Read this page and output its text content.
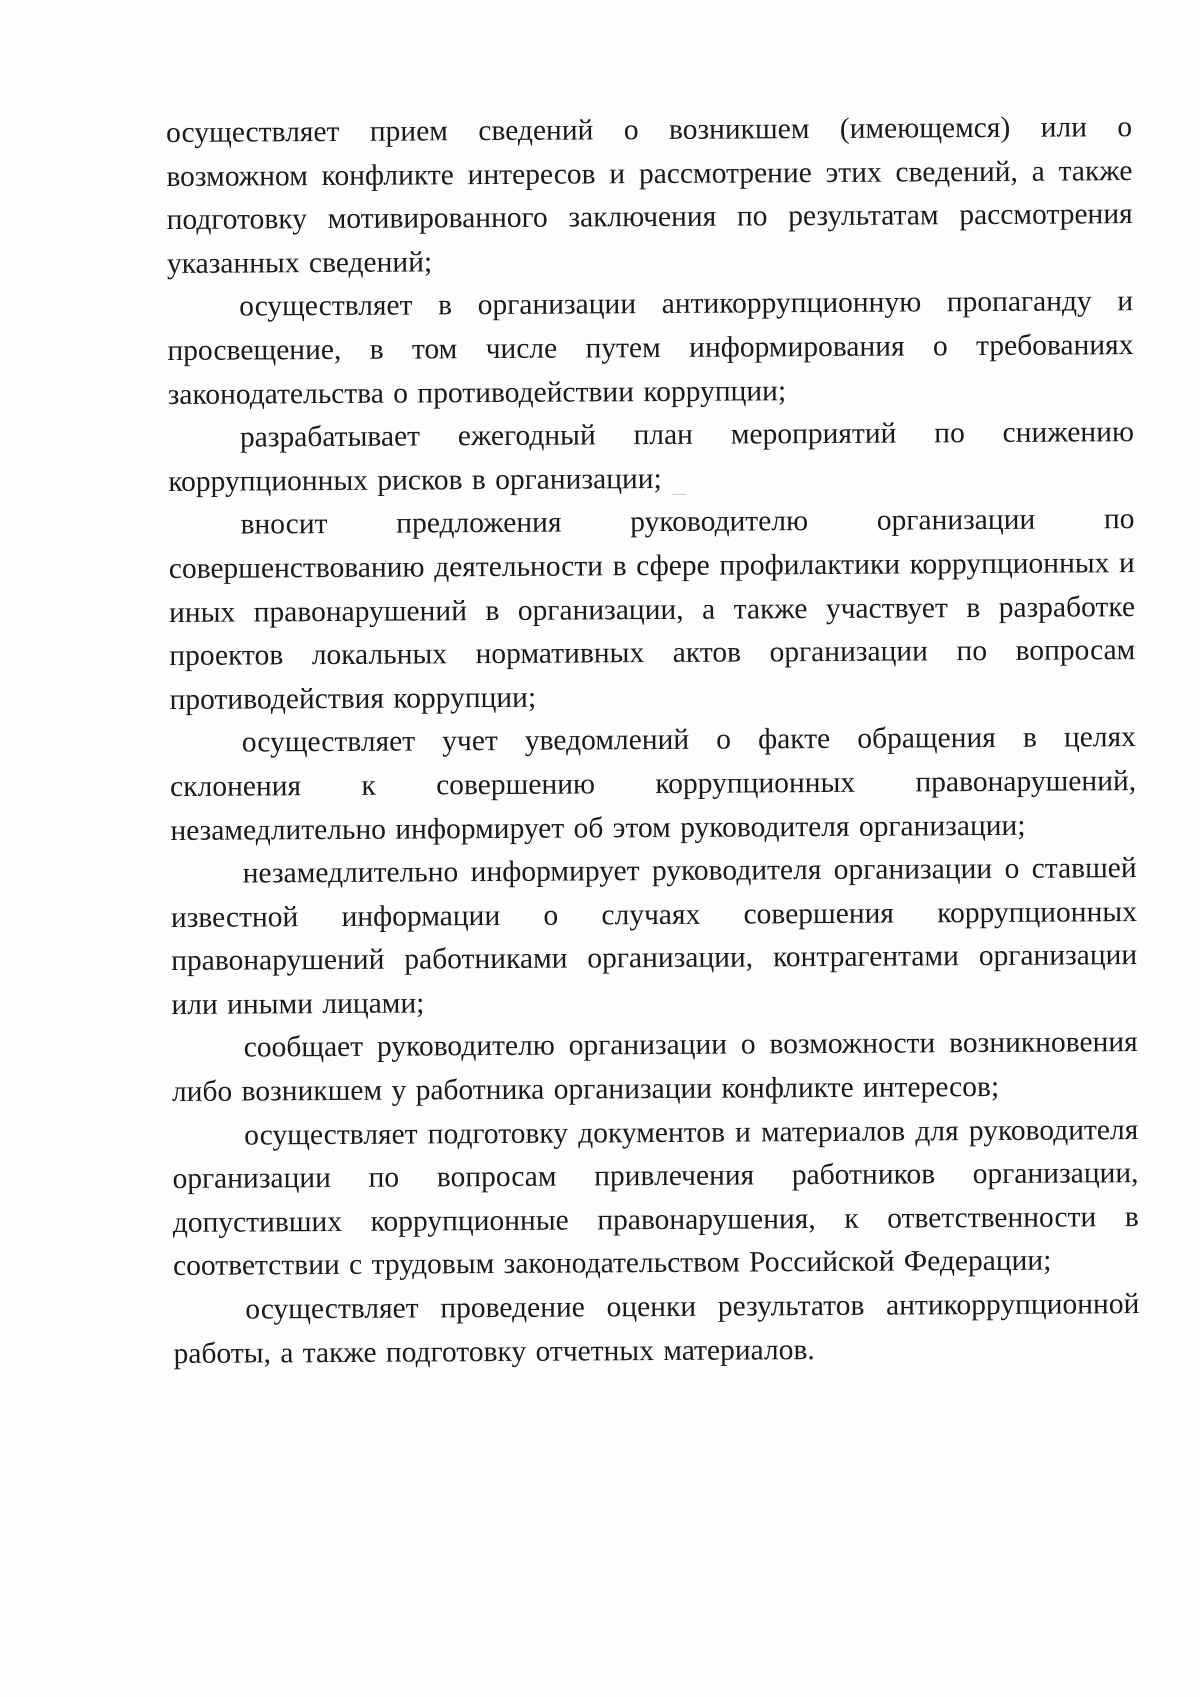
осуществляет прием сведений о возникшем (имеющемся) или о возможном конфликте интересов и рассмотрение этих сведений, а также подготовку мотивированного заключения по результатам рассмотрения указанных сведений;

осуществляет в организации антикоррупционную пропаганду и просвещение, в том числе путем информирования о требованиях законодательства о противодействии коррупции;

разрабатывает ежегодный план мероприятий по снижению коррупционных рисков в организации;

вносит предложения руководителю организации по совершенствованию деятельности в сфере профилактики коррупционных и иных правонарушений в организации, а также участвует в разработке проектов локальных нормативных актов организации по вопросам противодействия коррупции;

осуществляет учет уведомлений о факте обращения в целях склонения к совершению коррупционных правонарушений, незамедлительно информирует об этом руководителя организации;

незамедлительно информирует руководителя организации о ставшей известной информации о случаях совершения коррупционных правонарушений работниками организации, контрагентами организации или иными лицами;

сообщает руководителю организации о возможности возникновения либо возникшем у работника организации конфликте интересов;

осуществляет подготовку документов и материалов для руководителя организации по вопросам привлечения работников организации, допустивших коррупционные правонарушения, к ответственности в соответствии с трудовым законодательством Российской Федерации;

осуществляет проведение оценки результатов антикоррупционной работы, а также подготовку отчетных материалов.
